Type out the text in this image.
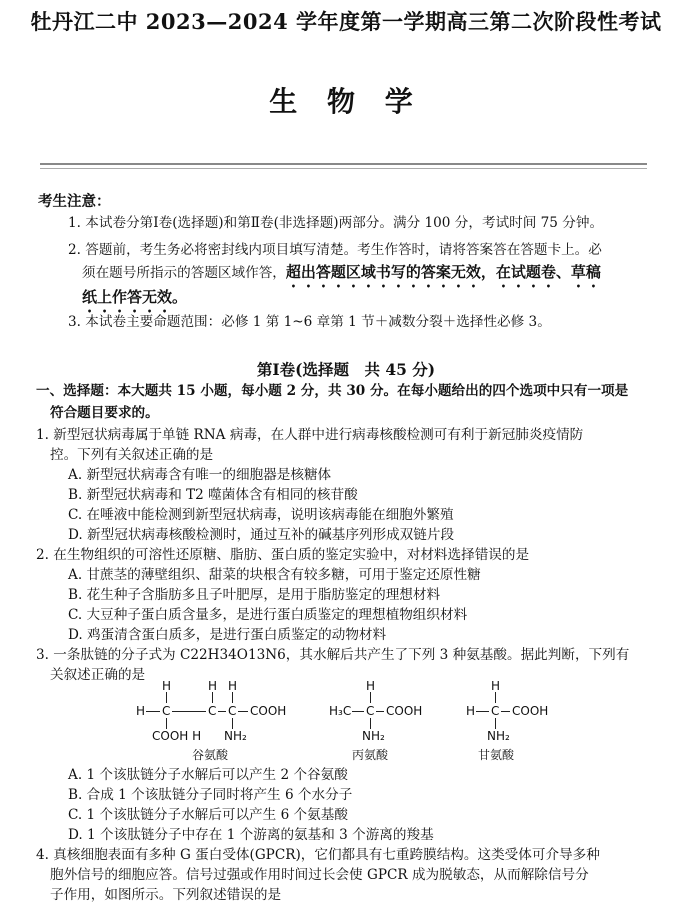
牡丹江二中 2023—2024 学年度第一学期高三第二次阶段性考试
生 物 学
考生注意：
1. 本试卷分第Ⅰ卷(选择题)和第Ⅱ卷(非选择题)两部分。满分 100 分，考试时间 75 分钟。
2. 答题前，考生务必将密封线内项目填写清楚。考生作答时，请将答案答在答题卡上。必
须在题号所指示的答题区域作答，超出答题区域书写的答案无效，在试题卷、草稿
纸上作答无效。
3. 本试卷主要命题范围：必修 1 第 1~6 章第 1 节＋减数分裂＋选择性必修 3。
第Ⅰ卷(选择题　共 45 分)
一、选择题：本大题共 15 小题，每小题 2 分，共 30 分。在每小题给出的四个选项中只有一项是
符合题目要求的。
1. 新型冠状病毒属于单链 RNA 病毒，在人群中进行病毒核酸检测可有利于新冠肺炎疫情防
控。下列有关叙述正确的是
A. 新型冠状病毒含有唯一的细胞器是核糖体
B. 新型冠状病毒和 T2 噬菌体含有相同的核苷酸
C. 在唾液中能检测到新型冠状病毒，说明该病毒能在细胞外繁殖
D. 新型冠状病毒核酸检测时，通过互补的碱基序列形成双链片段
2. 在生物组织的可溶性还原糖、脂肪、蛋白质的鉴定实验中，对材料选择错误的是
A. 甘蔗茎的薄壁组织、甜菜的块根含有较多糖，可用于鉴定还原性糖
B. 花生种子含脂肪多且子叶肥厚，是用于脂肪鉴定的理想材料
C. 大豆种子蛋白质含量多，是进行蛋白质鉴定的理想植物组织材料
D. 鸡蛋清含蛋白质多，是进行蛋白质鉴定的动物材料
3. 一条肽链的分子式为 C22H34O13N6，其水解后共产生了下列 3 种氨基酸。据此判断，下列有
关叙述正确的是
H	H H
H C	C C COOH
COOH H NH₂
谷氨酸
H
H₃C C COOH
NH₂
丙氨酸
H
H C COOH
NH₂
甘氨酸
A. 1 个该肽链分子水解后可以产生 2 个谷氨酸
B. 合成 1 个该肽链分子同时将产生 6 个水分子
C. 1 个该肽链分子水解后可以产生 6 个氨基酸
D. 1 个该肽链分子中存在 1 个游离的氨基和 3 个游离的羧基
4. 真核细胞表面有多种 G 蛋白受体(GPCR)，它们都具有七重跨膜结构。这类受体可介导多种
胞外信号的细胞应答。信号过强或作用时间过长会使 GPCR 成为脱敏态，从而解除信号分
子作用，如图所示。下列叙述错误的是
